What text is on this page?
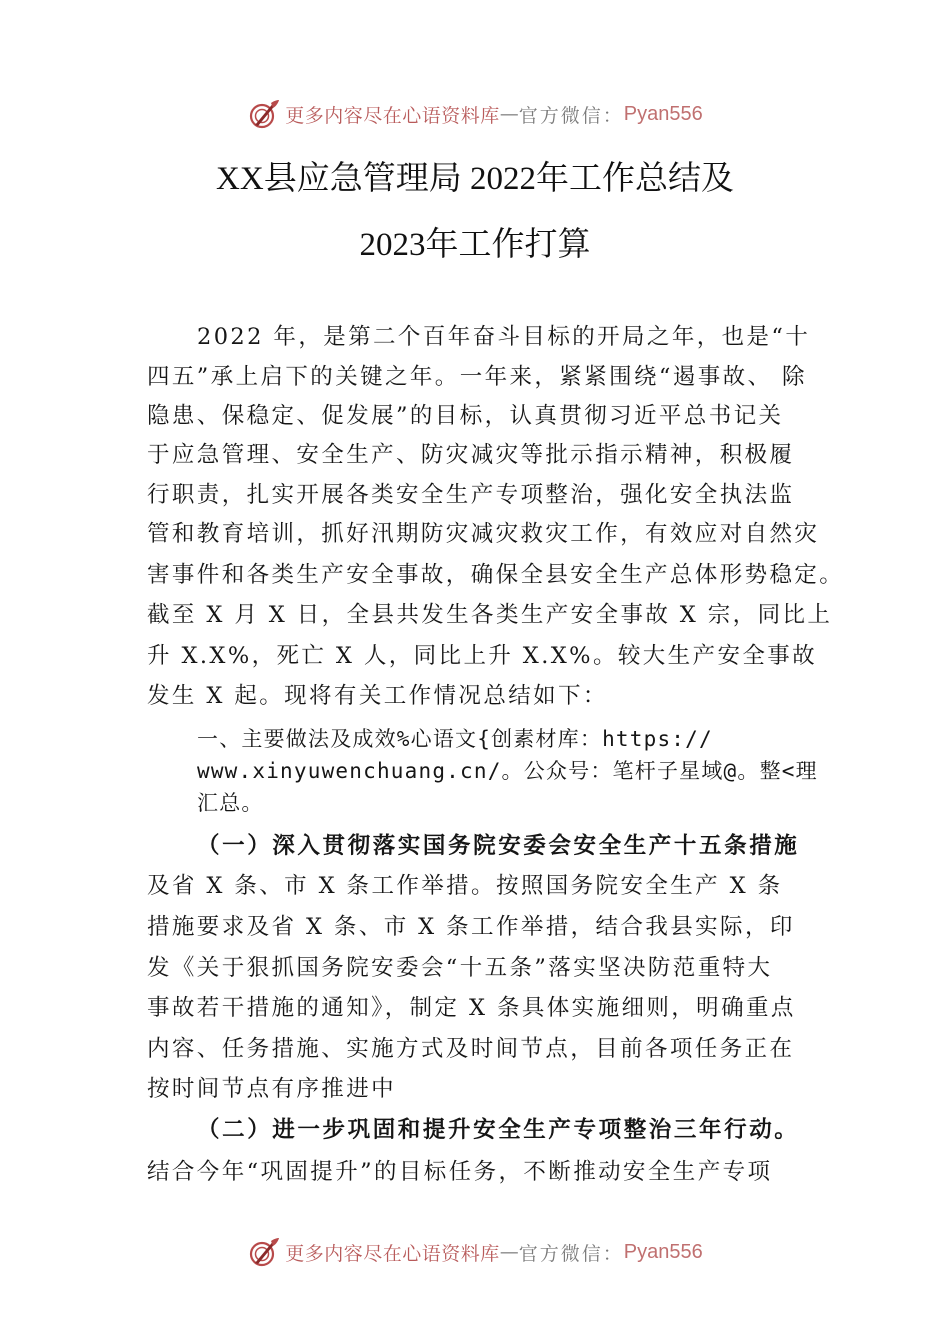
更多内容尽在心语资料库 — 官方微信： Pyan556
XX县应急管理局 2022年工作总结及
2023年工作打算
2022 年，是第二个百年奋斗目标的开局之年，也是“十
四五”承上启下的关键之年。一年来，紧紧围绕“遏事故、 除
隐患、保稳定、促发展”的目标，认真贯彻习近平总书记关
于应急管理、安全生产、防灾减灾等批示指示精神，积极履
行职责，扎实开展各类安全生产专项整治，强化安全执法监
管和教育培训，抓好汛期防灾减灾救灾工作，有效应对自然灾
害事件和各类生产安全事故，确保全县安全生产总体形势稳定。
截至 X 月 X 日，全县共发生各类生产安全事故 X 宗，同比上
升 X.X%，死亡 X 人，同比上升 X.X%。较大生产安全事故
发生 X 起。现将有关工作情况总结如下：
一、主要做法及成效%心语文{创素材库：https://
www.xinyuwenchuang.cn/。公众号：笔杆子星域@。整<理
汇总。
（一）深入贯彻落实国务院安委会安全生产十五条措施
及省 X 条、市 X 条工作举措。按照国务院安全生产 X 条
措施要求及省 X 条、市 X 条工作举措，结合我县实际，印
发《关于狠抓国务院安委会“十五条”落实坚决防范重特大
事故若干措施的通知》，制定 X 条具体实施细则，明确重点
内容、任务措施、实施方式及时间节点，目前各项任务正在
按时间节点有序推进中
（二）进一步巩固和提升安全生产专项整治三年行动。
结合今年“巩固提升”的目标任务，不断推动安全生产专项
更多内容尽在心语资料库 — 官方微信： Pyan556
